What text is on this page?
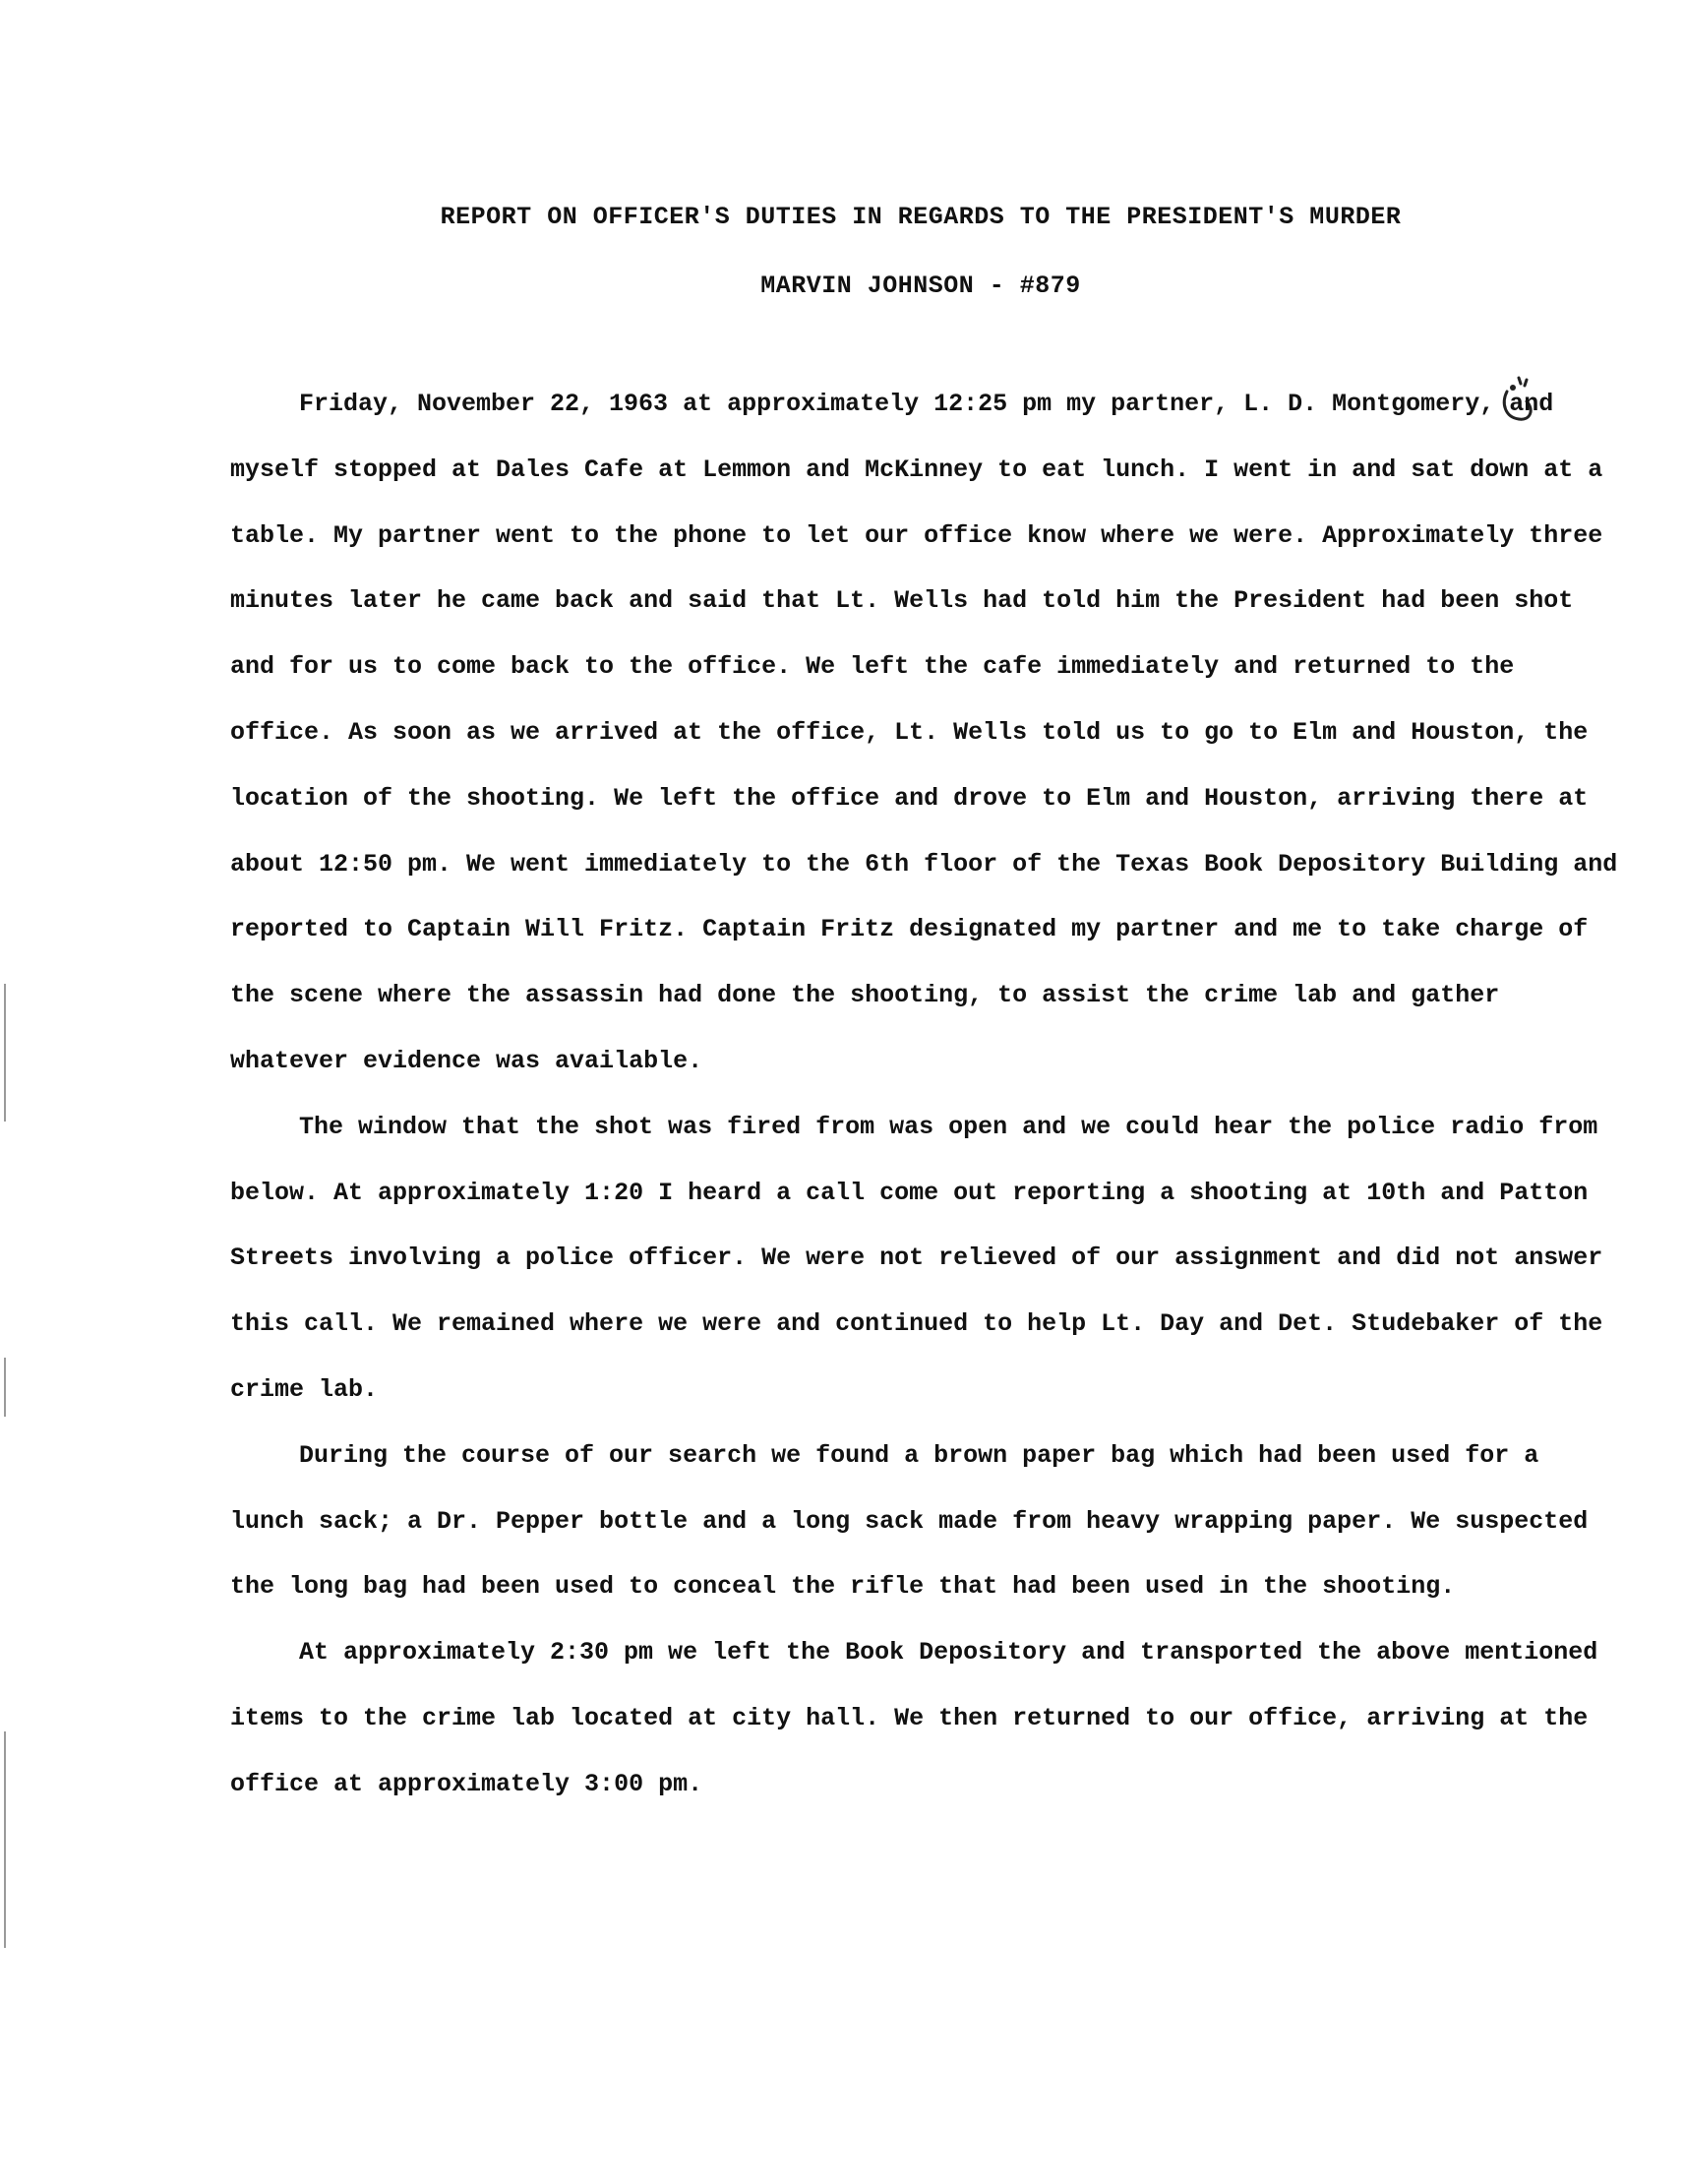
REPORT ON OFFICER'S DUTIES IN REGARDS TO THE PRESIDENT'S MURDER
MARVIN JOHNSON - #879

Friday, November 22, 1963 at approximately 12:25 pm my partner, L. D. Montgomery, and myself stopped at Dales Cafe at Lemmon and McKinney to eat lunch. I went in and sat down at a table. My partner went to the phone to let our office know where we were. Approximately three minutes later he came back and said that Lt. Wells had told him the President had been shot and for us to come back to the office. We left the cafe immediately and returned to the office. As soon as we arrived at the office, Lt. Wells told us to go to Elm and Houston, the location of the shooting. We left the office and drove to Elm and Houston, arriving there at about 12:50 pm. We went immediately to the 6th floor of the Texas Book Depository Building and reported to Captain Will Fritz. Captain Fritz designated my partner and me to take charge of the scene where the assassin had done the shooting, to assist the crime lab and gather whatever evidence was available.

The window that the shot was fired from was open and we could hear the police radio from below. At approximately 1:20 I heard a call come out reporting a shooting at 10th and Patton Streets involving a police officer. We were not relieved of our assignment and did not answer this call. We remained where we were and continued to help Lt. Day and Det. Studebaker of the crime lab.

During the course of our search we found a brown paper bag which had been used for a lunch sack; a Dr. Pepper bottle and a long sack made from heavy wrapping paper. We suspected the long bag had been used to conceal the rifle that had been used in the shooting.

At approximately 2:30 pm we left the Book Depository and transported the above mentioned items to the crime lab located at city hall. We then returned to our office, arriving at the office at approximately 3:00 pm.
